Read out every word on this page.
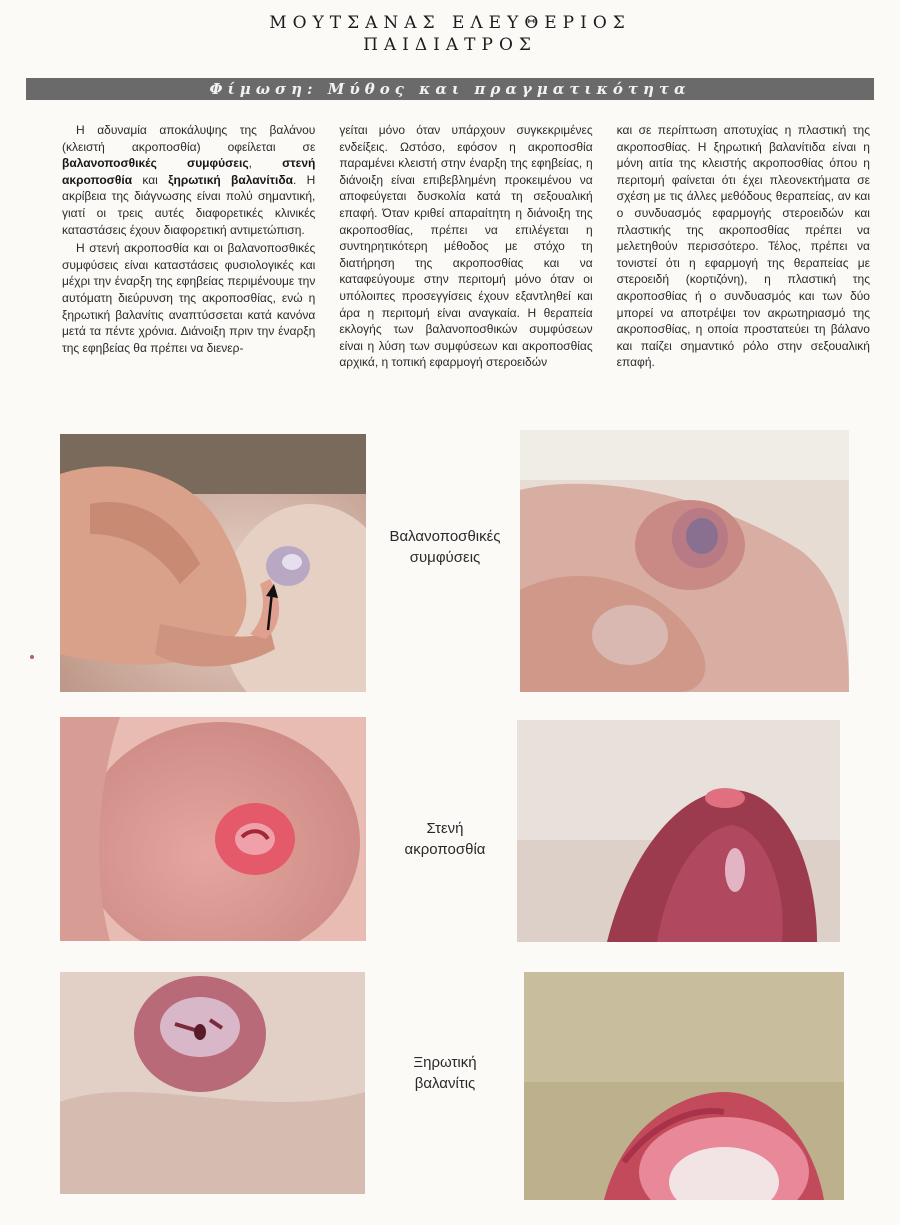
ΜΟΥΤΣΑΝΑΣ ΕΛΕΥΘΕΡΙΟΣ
ΠΑΙΔΙΑΤΡΟΣ
Φίμωση: Μύθος και πραγματικότητα

Η αδυναμία αποκάλυψης της βαλάνου (κλειστή ακροποσθία) οφείλεται σε βαλανοποσθικές συμφύσεις, στενή ακροποσθία και ξηρωτική βαλανίτιδα. Η ακρίβεια της διάγνωσης είναι πολύ σημαντική, γιατί οι τρεις αυτές διαφορετικές κλινικές καταστάσεις έχουν διαφορετική αντιμετώπιση.

Η στενή ακροποσθία και οι βαλανοποσθικές συμφύσεις είναι καταστάσεις φυσιολογικές και μέχρι την έναρξη της εφηβείας περιμένουμε την αυτόματη διεύρυνση της ακροποσθίας, ενώ η ξηρωτική βαλανίτις αναπτύσσεται κατά κανόνα μετά τα πέντε χρόνια. Διάνοιξη πριν την έναρξη της εφηβείας θα πρέπει να διενερ-

γείται μόνο όταν υπάρχουν συγκεκριμένες ενδείξεις. Ωστόσο, εφόσον η ακροποσθία παραμένει κλειστή στην έναρξη της εφηβείας, η διάνοιξη είναι επιβεβλημένη προκειμένου να αποφεύγεται δυσκολία κατά τη σεξουαλική επαφή. Όταν κριθεί απαραίτητη η διάνοιξη της ακροποσθίας, πρέπει να επιλέγεται η συντηρητικότερη μέθοδος με στόχο τη διατήρηση της ακροποσθίας και να καταφεύγουμε στην περιτομή μόνο όταν οι υπόλοιπες προσεγγίσεις έχουν εξαντληθεί και άρα η περιτομή είναι αναγκαία. Η θεραπεία εκλογής των βαλανοποσθικών συμφύσεων είναι η λύση των συμφύσεων και ακροποσθίας αρχικά, η τοπική εφαρμογή στεροειδών

και σε περίπτωση αποτυχίας η πλαστική της ακροποσθίας. Η ξηρωτική βαλανίτιδα είναι η μόνη αιτία της κλειστής ακροποσθίας όπου η περιτομή φαίνεται ότι έχει πλεονεκτήματα σε σχέση με τις άλλες μεθόδους θεραπείας, αν και ο συνδυασμός εφαρμογής στεροειδών και πλαστικής της ακροποσθίας πρέπει να μελετηθούν περισσότερο. Τέλος, πρέπει να τονιστεί ότι η εφαρμογή της θεραπείας με στεροειδή (κορτιζόνη), η πλαστική της ακροποσθίας ή ο συνδυασμός και των δύο μπορεί να αποτρέψει τον ακρωτηριασμό της ακροποσθίας, η οποία προστατεύει τη βάλανο και παίζει σημαντικό ρόλο στην σεξουαλική επαφή.

Βαλανοποσθικές
συμφύσεις
Στενή
ακροποσθία
Ξηρωτική
βαλανίτις
